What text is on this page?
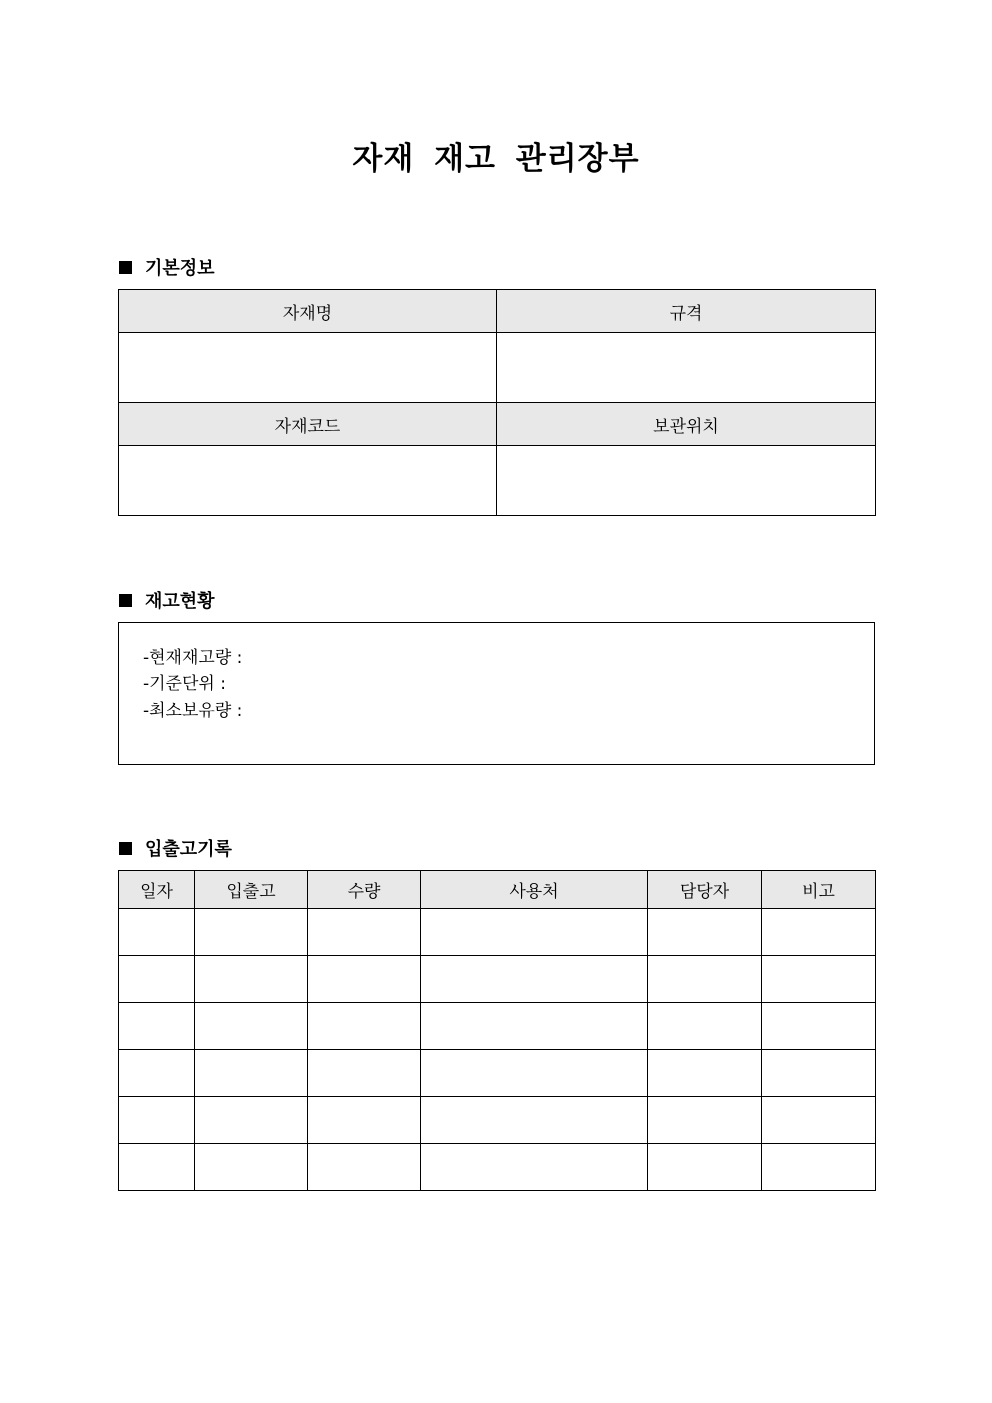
자재 재고 관리장부
기본정보
자재명	규격

자재코드	보관위치

재고현황
-현재재고량 :
-기준단위 :
-최소보유량 :
입출고기록
일자	입출고	수량	사용처	담당자	비고
